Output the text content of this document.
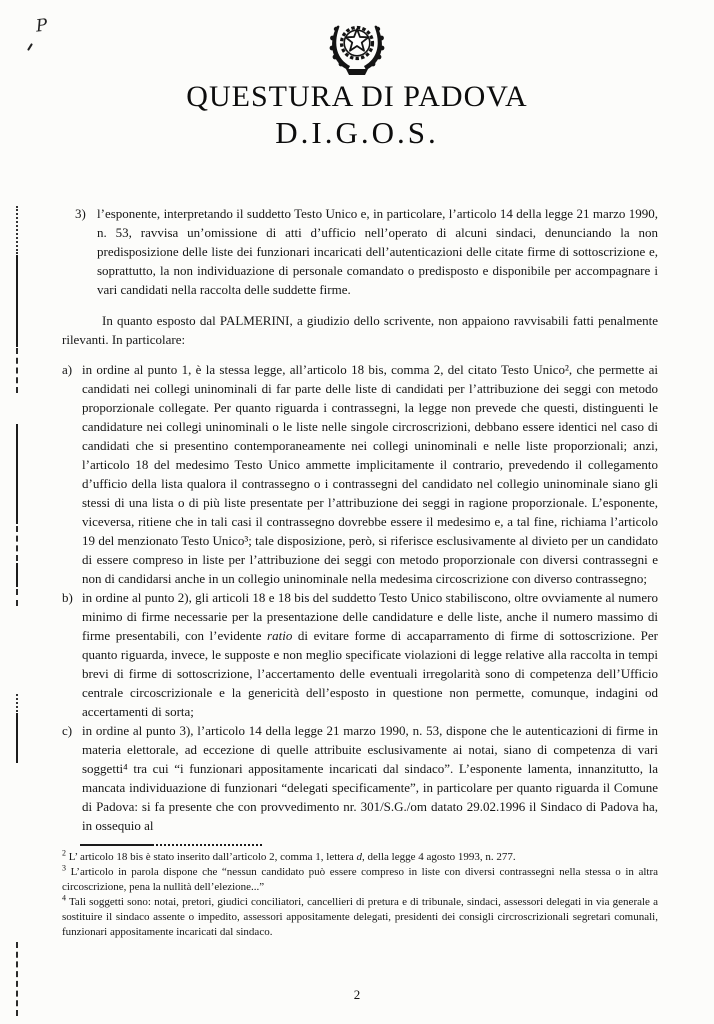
P
QUESTURA DI PADOVA
D.I.G.O.S.
3) l’esponente, interpretando il suddetto Testo Unico e, in particolare, l’articolo 14 della legge 21 marzo 1990, n. 53, ravvisa un’omissione di atti d’ufficio nell’operato di alcuni sindaci, denunciando la non predisposizione delle liste dei funzionari incaricati dell’autenticazioni delle citate firme di sottoscrizione e, soprattutto, la non individuazione di personale comandato o predisposto e disponibile per accompagnare i vari candidati nella raccolta delle suddette firme.
In quanto esposto dal PALMERINI, a giudizio dello scrivente, non appaiono ravvisabili fatti penalmente rilevanti. In particolare:
a) in ordine al punto 1, è la stessa legge, all’articolo 18 bis, comma 2, del citato Testo Unico², che permette ai candidati nei collegi uninominali di far parte delle liste di candidati per l’attribuzione dei seggi con metodo proporzionale collegate. Per quanto riguarda i contrassegni, la legge non prevede che questi, distinguenti le candidature nei collegi uninominali o le liste nelle singole circroscrizioni, debbano essere identici nel caso di candidati che si presentino contemporaneamente nei collegi uninominali e nelle liste proporzionali; anzi, l’articolo 18 del medesimo Testo Unico ammette implicitamente il contrario, prevedendo il collegamento d’ufficio della lista qualora il contrassegno o i contrassegni del candidato nel collegio uninominale siano gli stessi di una lista o di più liste presentate per l’attribuzione dei seggi in ragione proporzionale. L’esponente, viceversa, ritiene che in tali casi il contrassegno dovrebbe essere il medesimo e, a tal fine, richiama l’articolo 19 del menzionato Testo Unico³; tale disposizione, però, si riferisce esclusivamente al divieto per un candidato di essere compreso in liste per l’attribuzione dei seggi con metodo proporzionale con diversi contrassegni e non di candidarsi anche in un collegio uninominale nella medesima circoscrizione con diverso contrassegno;
b) in ordine al punto 2), gli articoli 18 e 18 bis del suddetto Testo Unico stabiliscono, oltre ovviamente al numero minimo di firme necessarie per la presentazione delle candidature e delle liste, anche il numero massimo di firme presentabili, con l’evidente ratio di evitare forme di accaparramento di firme di sottoscrizione. Per quanto riguarda, invece, le supposte e non meglio specificate violazioni di legge relative alla raccolta in tempi brevi di firme di sottoscrizione, l’accertamento delle eventuali irregolarità sono di competenza dell’Ufficio centrale circoscrizionale e la genericità dell’esposto in questione non permette, comunque, indagini od accertamenti di sorta;
c) in ordine al punto 3), l’articolo 14 della legge 21 marzo 1990, n. 53, dispone che le autenticazioni di firme in materia elettorale, ad eccezione di quelle attribuite esclusivamente ai notai, siano di competenza di vari soggetti⁴ tra cui “i funzionari appositamente incaricati dal sindaco”. L’esponente lamenta, innanzitutto, la mancata individuazione di funzionari “delegati specificamente”, in particolare per quanto riguarda il Comune di Padova: si fa presente che con provvedimento nr. 301/S.G./om datato 29.02.1996 il Sindaco di Padova ha, in ossequio al
$^2$ L’ articolo 18 bis è stato inserito dall’articolo 2, comma 1, lettera d, della legge 4 agosto 1993, n. 277.
$^3$ L’articolo in parola dispone che “nessun candidato può essere compreso in liste con diversi contrassegni nella stessa o in altra circoscrizione, pena la nullità dell’elezione...”
$^4$ Tali soggetti sono: notai, pretori, giudici conciliatori, cancellieri di pretura e di tribunale, sindaci, assessori delegati in via generale a sostituire il sindaco assente o impedito, assessori appositamente delegati, presidenti dei consigli circroscrizionali segretari comunali, funzionari appositamente incaricati dal sindaco.
2
